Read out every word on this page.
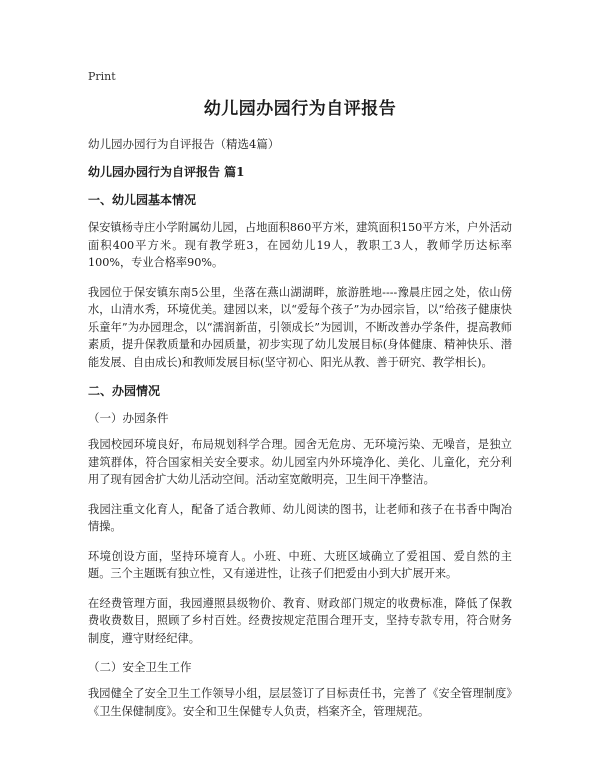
Print
幼儿园办园行为自评报告
幼儿园办园行为自评报告（精选4篇）
幼儿园办园行为自评报告 篇1
一、幼儿园基本情况

保安镇杨寺庄小学附属幼儿园，占地面积860平方米，建筑面积150平方米，户外活动面积400平方米。现有教学班3，在园幼儿19人，教职工3人，教师学历达标率100%，专业合格率90%。

我园位于保安镇东南5公里，坐落在燕山湖湖畔，旅游胜地----豫晨庄园之处，依山傍水，山清水秀，环境优美。建园以来，以“爱每个孩子”为办园宗旨，以“给孩子健康快乐童年”为办园理念，以“濡润新苗，引领成长”为园训，不断改善办学条件，提高教师素质，提升保教质量和办园质量，初步实现了幼儿发展目标(身体健康、精神快乐、潜能发展、自由成长)和教师发展目标(坚守初心、阳光从教、善于研究、教学相长)。

二、办园情况
（一）办园条件

我园校园环境良好，布局规划科学合理。园舍无危房、无环境污染、无噪音，是独立建筑群体，符合国家相关安全要求。幼儿园室内外环境净化、美化、儿童化，充分利用了现有园舍扩大幼儿活动空间。活动室宽敞明亮，卫生间干净整洁。

我园注重文化育人，配备了适合教师、幼儿阅读的图书，让老师和孩子在书香中陶冶情操。

环境创设方面，坚持环境育人。小班、中班、大班区域确立了爱祖国、爱自然的主题。三个主题既有独立性，又有递进性，让孩子们把爱由小到大扩展开来。

在经费管理方面，我园遵照县级物价、教育、财政部门规定的收费标准，降低了保教费收费数目，照顾了乡村百姓。经费按规定范围合理开支，坚持专款专用，符合财务制度，遵守财经纪律。

（二）安全卫生工作

我园健全了安全卫生工作领导小组，层层签订了目标责任书，完善了《安全管理制度》《卫生保健制度》。安全和卫生保健专人负责，档案齐全，管理规范。
